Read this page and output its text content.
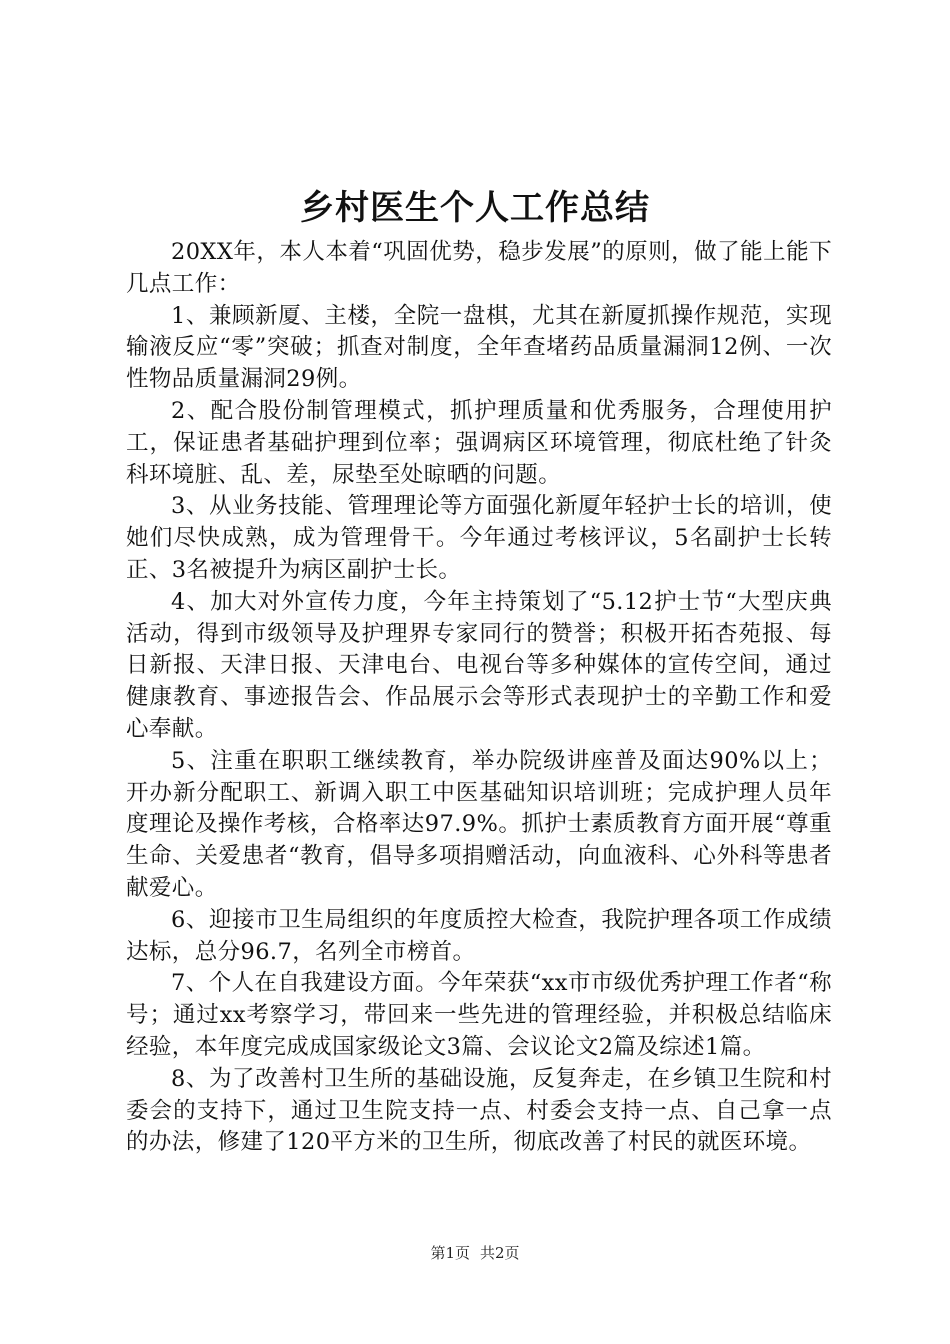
乡村医生个人工作总结

20XX年，本人本着“巩固优势，稳步发展”的原则，做了能上能下几点工作：

1、兼顾新厦、主楼，全院一盘棋，尤其在新厦抓操作规范，实现输液反应“零”突破；抓查对制度，全年查堵药品质量漏洞12例、一次性物品质量漏洞29例。

2、配合股份制管理模式，抓护理质量和优秀服务，合理使用护工，保证患者基础护理到位率；强调病区环境管理，彻底杜绝了针灸科环境脏、乱、差，尿垫至处晾晒的问题。

3、从业务技能、管理理论等方面强化新厦年轻护士长的培训，使她们尽快成熟，成为管理骨干。今年通过考核评议，5名副护士长转正、3名被提升为病区副护士长。

4、加大对外宣传力度，今年主持策划了“5.12护士节“大型庆典活动，得到市级领导及护理界专家同行的赞誉；积极开拓杏苑报、每日新报、天津日报、天津电台、电视台等多种媒体的宣传空间，通过健康教育、事迹报告会、作品展示会等形式表现护士的辛勤工作和爱心奉献。

5、注重在职职工继续教育，举办院级讲座普及面达90%以上；开办新分配职工、新调入职工中医基础知识培训班；完成护理人员年度理论及操作考核，合格率达97.9%。抓护士素质教育方面开展“尊重生命、关爱患者“教育，倡导多项捐赠活动，向血液科、心外科等患者献爱心。

6、迎接市卫生局组织的年度质控大检查，我院护理各项工作成绩达标，总分96.7，名列全市榜首。

7、个人在自我建设方面。今年荣获“xx市市级优秀护理工作者“称号；通过xx考察学习，带回来一些先进的管理经验，并积极总结临床经验，本年度完成成国家级论文3篇、会议论文2篇及综述1篇。

8、为了改善村卫生所的基础设施，反复奔走，在乡镇卫生院和村委会的支持下，通过卫生院支持一点、村委会支持一点、自己拿一点的办法，修建了120平方米的卫生所，彻底改善了村民的就医环境。

第1页 共2页
